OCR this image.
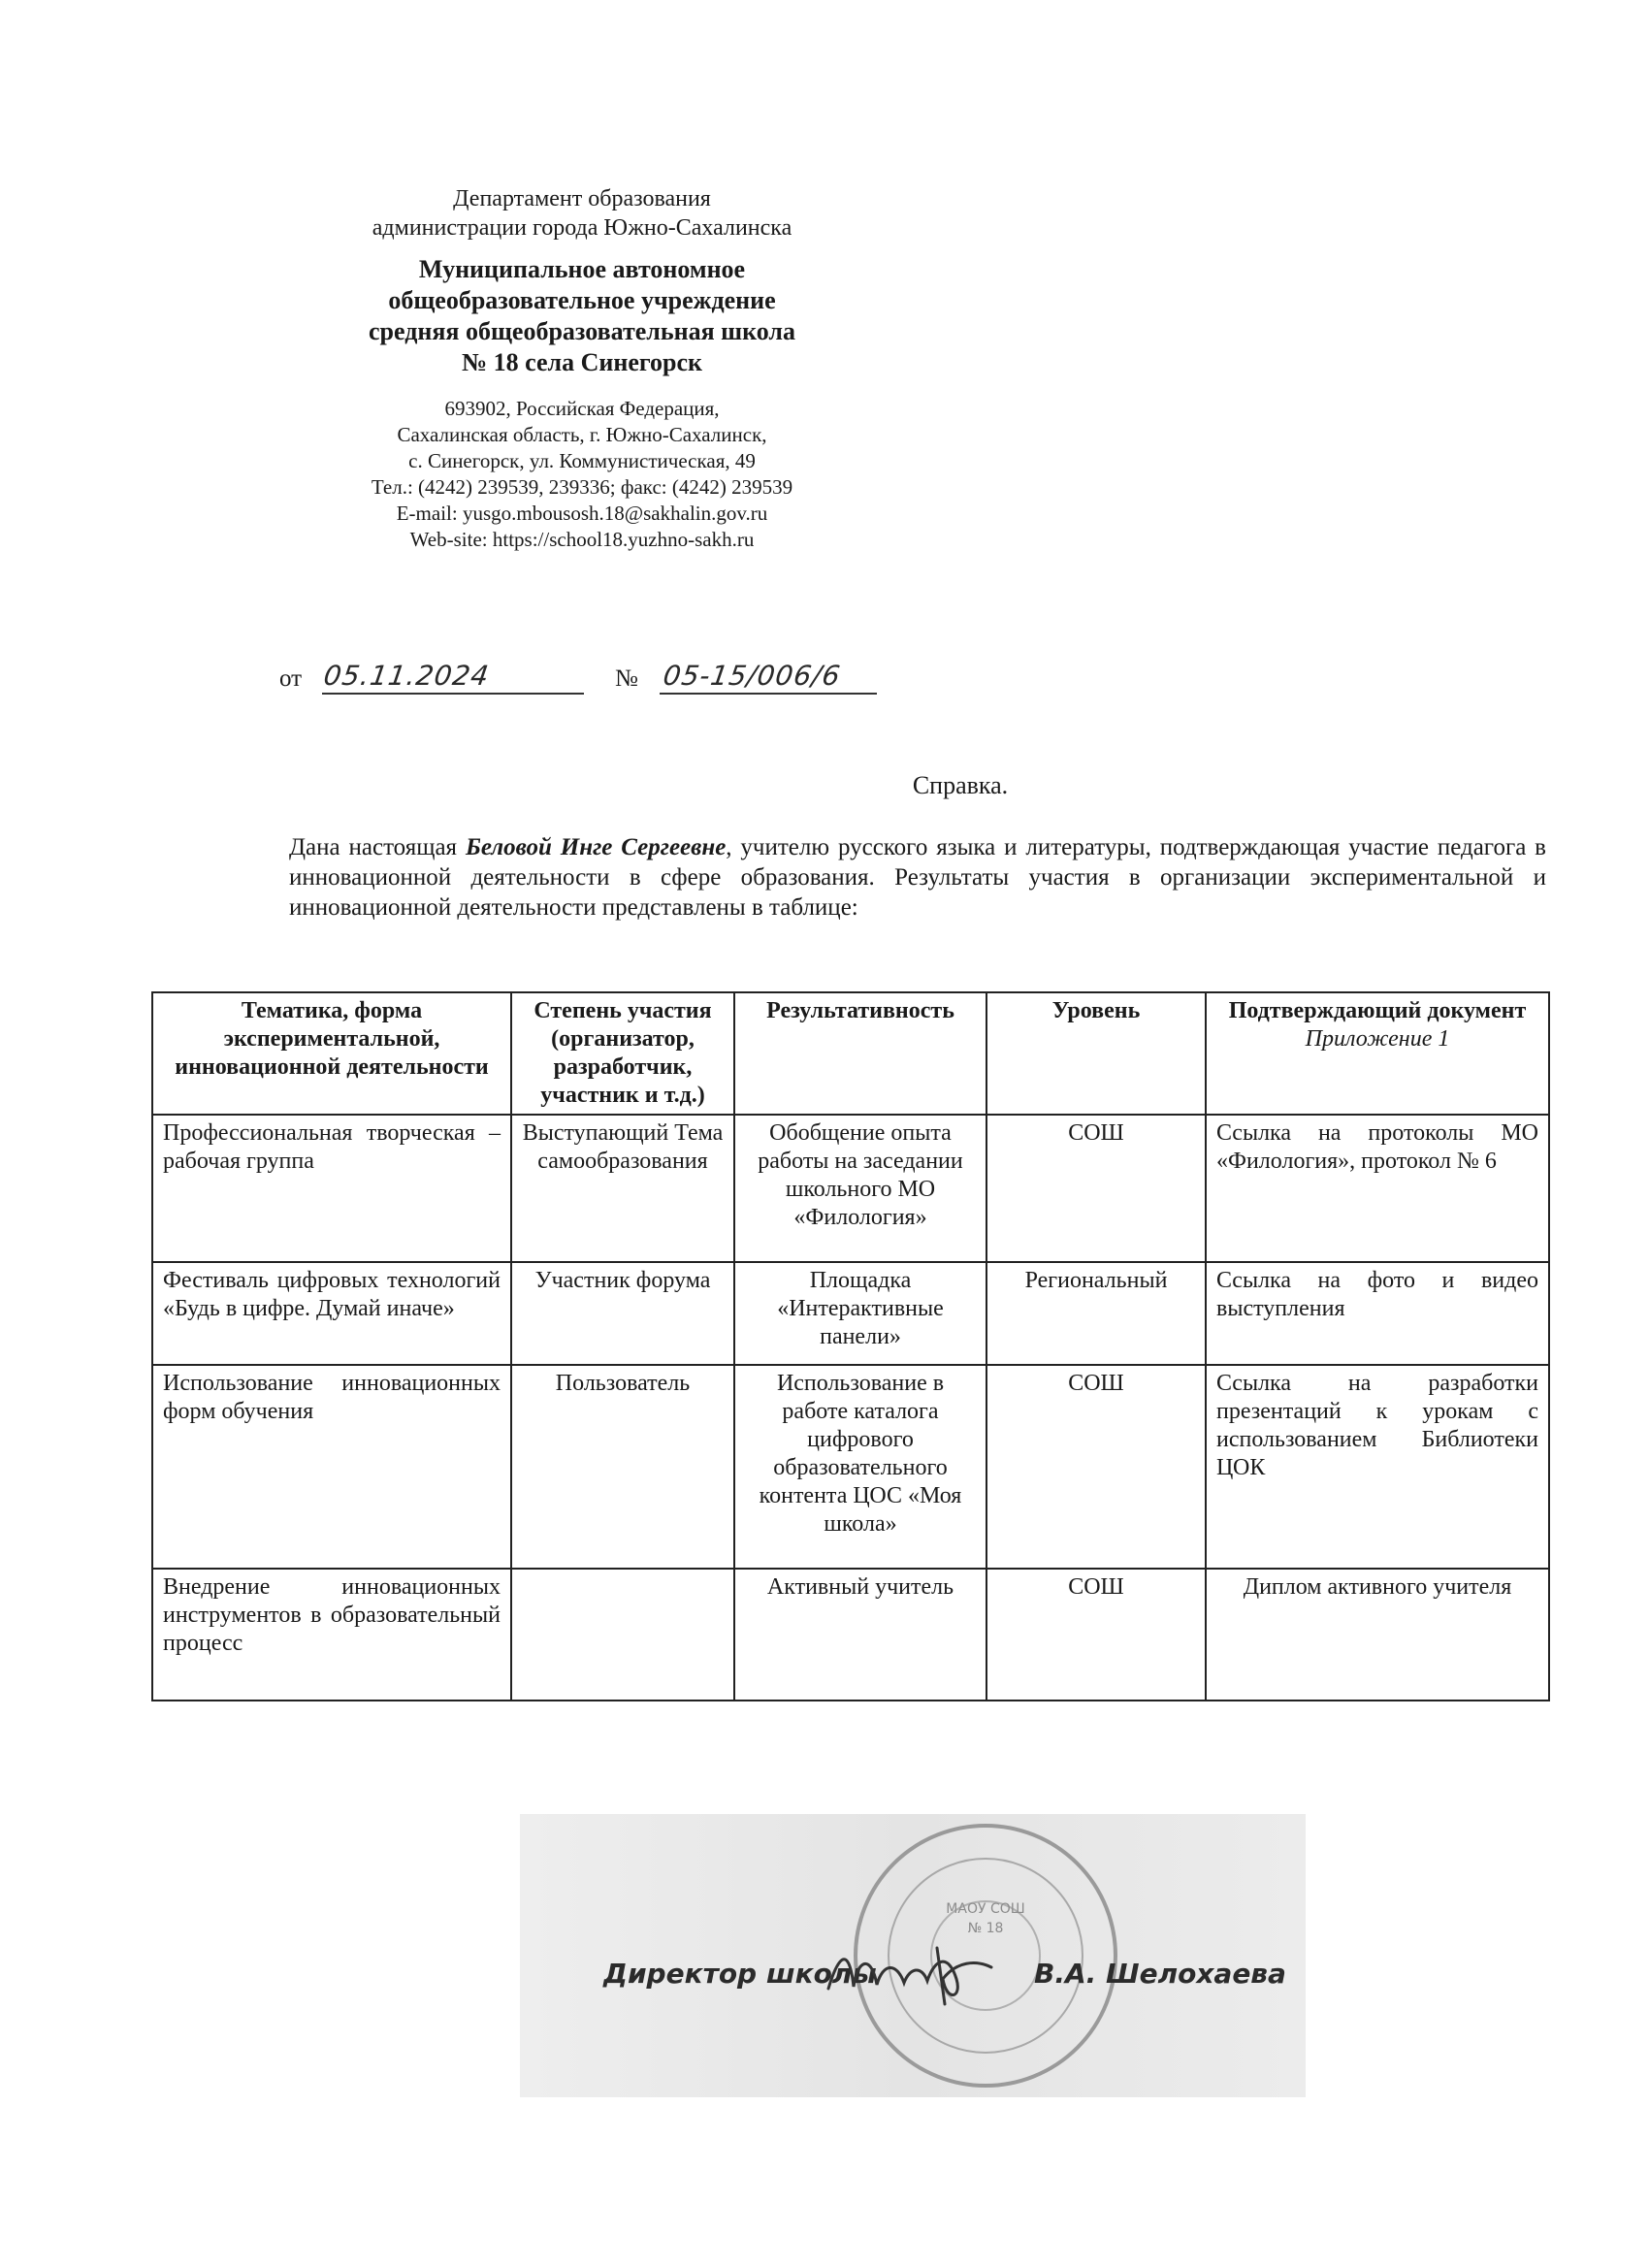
Департамент образования
администрации города Южно-Сахалинска
Муниципальное автономное
общеобразовательное учреждение
средняя общеобразовательная школа
№ 18 села Синегорск
693902, Российская Федерация,
Сахалинская область, г. Южно-Сахалинск,
с. Синегорск, ул. Коммунистическая, 49
Тел.: (4242) 239539, 239336; факс: (4242) 239539
E-mail: yusgo.mbousosh.18@sakhalin.gov.ru
Web-site: https://school18.yuzhno-sakh.ru
от 05.11.2024	№ 05-15/006/6
Справка.
Дана настоящая Беловой Инге Сергеевне, учителю русского языка и литературы, подтверждающая участие педагога в инновационной деятельности в сфере образования. Результаты участия в организации экспериментальной и инновационной деятельности представлены в таблице:
Тематика, форма экспериментальной, инновационной деятельности	Степень участия (организатор, разработчик, участник и т.д.)	Результативность	Уровень	Подтверждающий документ
Приложение 1

Профессиональная творческая – рабочая группа	Выступающий Тема самообразования	Обобщение опыта работы на заседании школьного МО «Филология»	СОШ	Ссылка на протоколы МО «Филология», протокол № 6
Фестиваль цифровых технологий «Будь в цифре. Думай иначе»	Участник форума	Площадка «Интерактивные панели»	Региональный	Ссылка на фото и видео выступления
Использование инновационных форм обучения	Пользователь	Использование в работе каталога цифрового образовательного контента ЦОС «Моя школа»	СОШ	Ссылка на разработки презентаций к урокам с использованием Библиотеки ЦОК
Внедрение инновационных инструментов в образовательный процесс		Активный учитель	СОШ	Диплом активного учителя
МАОУ СОШ
№ 18
Директор школы	В.А. Шелохаева
